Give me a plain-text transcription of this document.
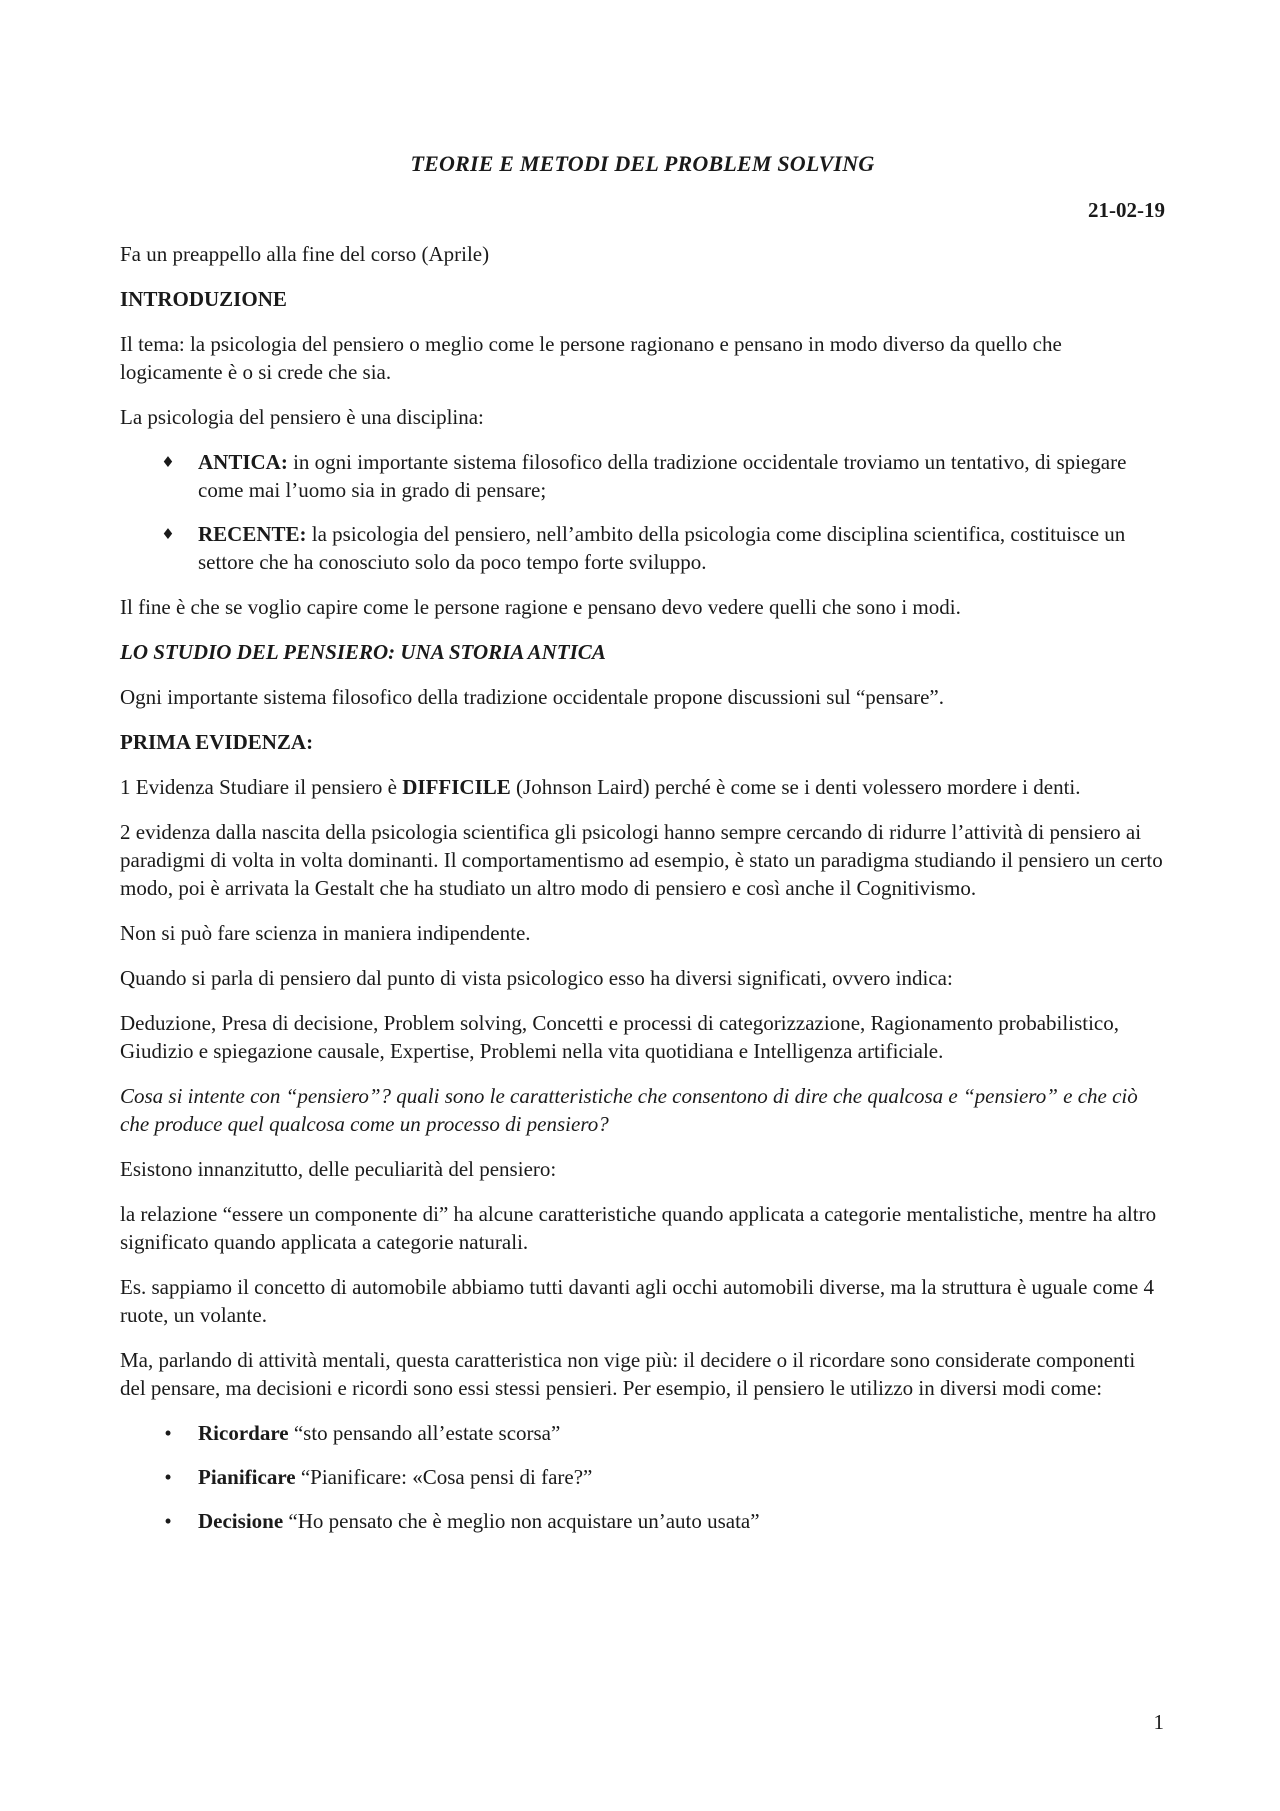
TEORIE E METODI DEL PROBLEM SOLVING
21-02-19

Fa un preappello alla fine del corso (Aprile)

INTRODUZIONE

Il tema: la psicologia del pensiero o meglio come le persone ragionano e pensano in modo diverso da quello che logicamente è o si crede che sia.

La psicologia del pensiero è una disciplina:

♦ ANTICA: in ogni importante sistema filosofico della tradizione occidentale troviamo un tentativo, di spiegare come mai l’uomo sia in grado di pensare;
♦ RECENTE: la psicologia del pensiero, nell’ambito della psicologia come disciplina scientifica, costituisce un settore che ha conosciuto solo da poco tempo forte sviluppo.

Il fine è che se voglio capire come le persone ragione e pensano devo vedere quelli che sono i modi.

LO STUDIO DEL PENSIERO: UNA STORIA ANTICA

Ogni importante sistema filosofico della tradizione occidentale propone discussioni sul “pensare”.

PRIMA EVIDENZA:

1 Evidenza Studiare il pensiero è DIFFICILE (Johnson Laird) perché è come se i denti volessero mordere i denti.

2 evidenza dalla nascita della psicologia scientifica gli psicologi hanno sempre cercando di ridurre l’attività di pensiero ai paradigmi di volta in volta dominanti. Il comportamentismo ad esempio, è stato un paradigma studiando il pensiero un certo modo, poi è arrivata la Gestalt che ha studiato un altro modo di pensiero e così anche il Cognitivismo.

Non si può fare scienza in maniera indipendente.

Quando si parla di pensiero dal punto di vista psicologico esso ha diversi significati, ovvero indica:

Deduzione, Presa di decisione, Problem solving, Concetti e processi di categorizzazione, Ragionamento probabilistico, Giudizio e spiegazione causale, Expertise, Problemi nella vita quotidiana e Intelligenza artificiale.

Cosa si intente con “pensiero”? quali sono le caratteristiche che consentono di dire che qualcosa e “pensiero” e che ciò che produce quel qualcosa come un processo di pensiero?

Esistono innanzitutto, delle peculiarità del pensiero:

la relazione “essere un componente di” ha alcune caratteristiche quando applicata a categorie mentalistiche, mentre ha altro significato quando applicata a categorie naturali.

Es. sappiamo il concetto di automobile abbiamo tutti davanti agli occhi automobili diverse, ma la struttura è uguale come 4 ruote, un volante.

Ma, parlando di attività mentali, questa caratteristica non vige più: il decidere o il ricordare sono considerate componenti del pensare, ma decisioni e ricordi sono essi stessi pensieri. Per esempio, il pensiero le utilizzo in diversi modi come:

•	Ricordare “sto pensando all’estate scorsa”
•	Pianificare “Pianificare: «Cosa pensi di fare?”
•	Decisione “Ho pensato che è meglio non acquistare un’auto usata”
1
